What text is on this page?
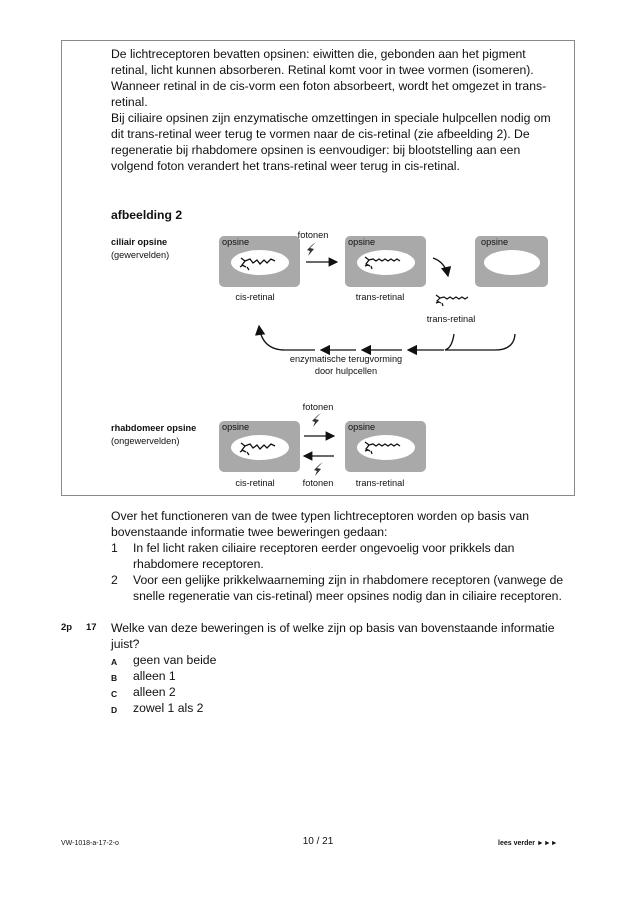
De lichtreceptoren bevatten opsinen: eiwitten die, gebonden aan het pigment retinal, licht kunnen absorberen. Retinal komt voor in twee vormen (isomeren). Wanneer retinal in de cis-vorm een foton absorbeert, wordt het omgezet in trans-retinal.

Bij ciliaire opsinen zijn enzymatische omzettingen in speciale hulpcellen nodig om dit trans-retinal weer terug te vormen naar de cis-retinal (zie afbeelding 2). De regeneratie bij rhabdomere opsinen is eenvoudiger: bij blootstelling aan een volgend foton verandert het trans-retinal weer terug in cis-retinal.

afbeelding 2
ciliair opsine
(gewervelden)
opsine	opsine	opsine
fotonen
cis-retinal	trans-retinal
trans-retinal
enzymatische terugvorming
door hulpcellen
rhabdomeer opsine
(ongewervelden)
opsine	opsine
fotonen
fotonen
cis-retinal	trans-retinal

Over het functioneren van de twee typen lichtreceptoren worden op basis van bovenstaande informatie twee beweringen gedaan:

1 In fel licht raken ciliaire receptoren eerder ongevoelig voor prikkels dan rhabdomere receptoren.
2 Voor een gelijke prikkelwaarneming zijn in rhabdomere receptoren (vanwege de snelle regeneratie van cis-retinal) meer opsines nodig dan in ciliaire receptoren.
2p 17 Welke van deze beweringen is of welke zijn op basis van bovenstaande informatie juist?

A geen van beide
B alleen 1
C alleen 2
D zowel 1 als 2
VW-1018-a-17-2-o	10 / 21	lees verder ►►►
